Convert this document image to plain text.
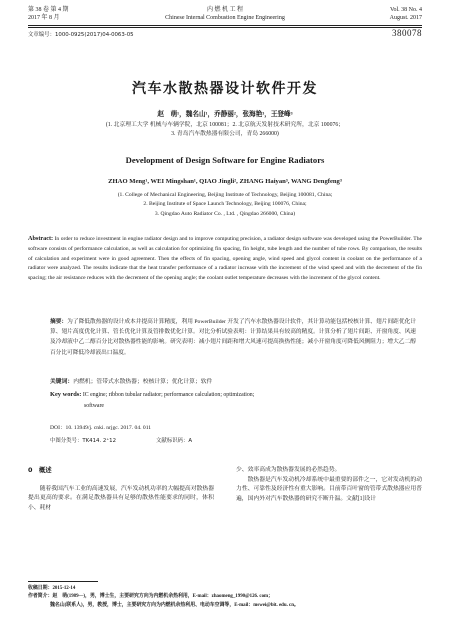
第 38 卷 第 4 期
2017 年 8 月
内 燃 机 工 程
Chinese Internal Combustion Engine Engineering
Vol. 38 No. 4
August. 2017
文章编号：1000-0925(2017)04-0063-05	380078
汽车水散热器设计软件开发
赵　萌¹，魏名山¹，乔静丽²，张海艳³，王登峰³
(1. 北京理工大学 机械与车辆学院，北京 100081；2. 北京航天发射技术研究所，北京 100076；
3. 青岛汽车散热器有限公司，青岛 266000)
Development of Design Software for Engine Radiators
ZHAO Meng¹, WEI Mingshan¹, QIAO Jingli², ZHANG Haiyan³, WANG Dengfeng³
(1. College of Mechanical Engineering, Beijing Institute of Technology, Beijing 100081, China;
2. Beijing Institute of Space Launch Technology, Beijing 100076, China;
3. Qingdao Auto Radiator Co. , Ltd. , Qingdao 266000, China)
Abstract: In order to reduce investment in engine radiator design and to improve computing precision, a radiator design software was developed using the PowerBuilder. The software consists of performance calculation, as well as calculation for optimizing fin spacing, fin height, tube length and the number of tube rows. By comparison, the results of calculation and experiment were in good agreement. Then the effects of fin spacing, opening angle, wind speed and glycol content in coolant on the performance of a radiator were analyzed. The results indicate that the heat transfer performance of a radiator increase with the increment of the wind speed and with the decrement of the fin spacing; the air resistance reduces with the decrement of the opening angle; the coolant outlet temperature decreases with the increment of the glycol content.
摘要：为了降低散热器的设计成本并提高计算精度，利用 PowerBuilder 开发了汽车水散热器设计软件，其计算功能包括校核计算、翅片间距优化计算、翅片高度优化计算、管长优化计算及管排数优化计算。对比分析试验表明：计算结果具有较高的精度。计算分析了翅片间距、开窗角度、风速及冷却液中乙二醇百分比对散热器性能的影响。研究表明：减小翅片间距和增大风速可提高换热性能；减小开窗角度可降低风侧阻力；增大乙二醇百分比可降低冷却液出口温度。
关键词：内燃机；管带式水散热器；校核计算；优化计算；软件
Key words: IC engine; ribbon tubular radiator; performance calculation; optimization;
software
DOI：10. 13949/j. cnki. nrjgc. 2017. 04. 011
中图分类号：TK414. 2⁺12	文献标识码：A
0　概述
随着我国汽车工业的高速发展，汽车发动机功率的大幅提高对散热器提出更高的要求。在满足散热器具有足够的散热性能要求的同时，体积小、耗材
少、效率高成为散热器发展的必然趋势。
散热器是汽车发动机冷却系统中最重要的部件之一，它对发动机的动力性、可靠性及经济性有重大影响。目前带百叶窗的管带式散热器应用普遍，国内外对汽车散热器的研究不断升温。文献[1]设计
收稿日期：2015-12-14
作者简介：赵　萌(1989—)，男，博士生，主要研究方向为内燃机余热利用，E-mail：zhaomeng_1990@126. com；
魏名山(联系人)，男，教授，博士，主要研究方向为内燃机余热利用、电动车空调等，E-mail：mswei@bit. edu. cn。
